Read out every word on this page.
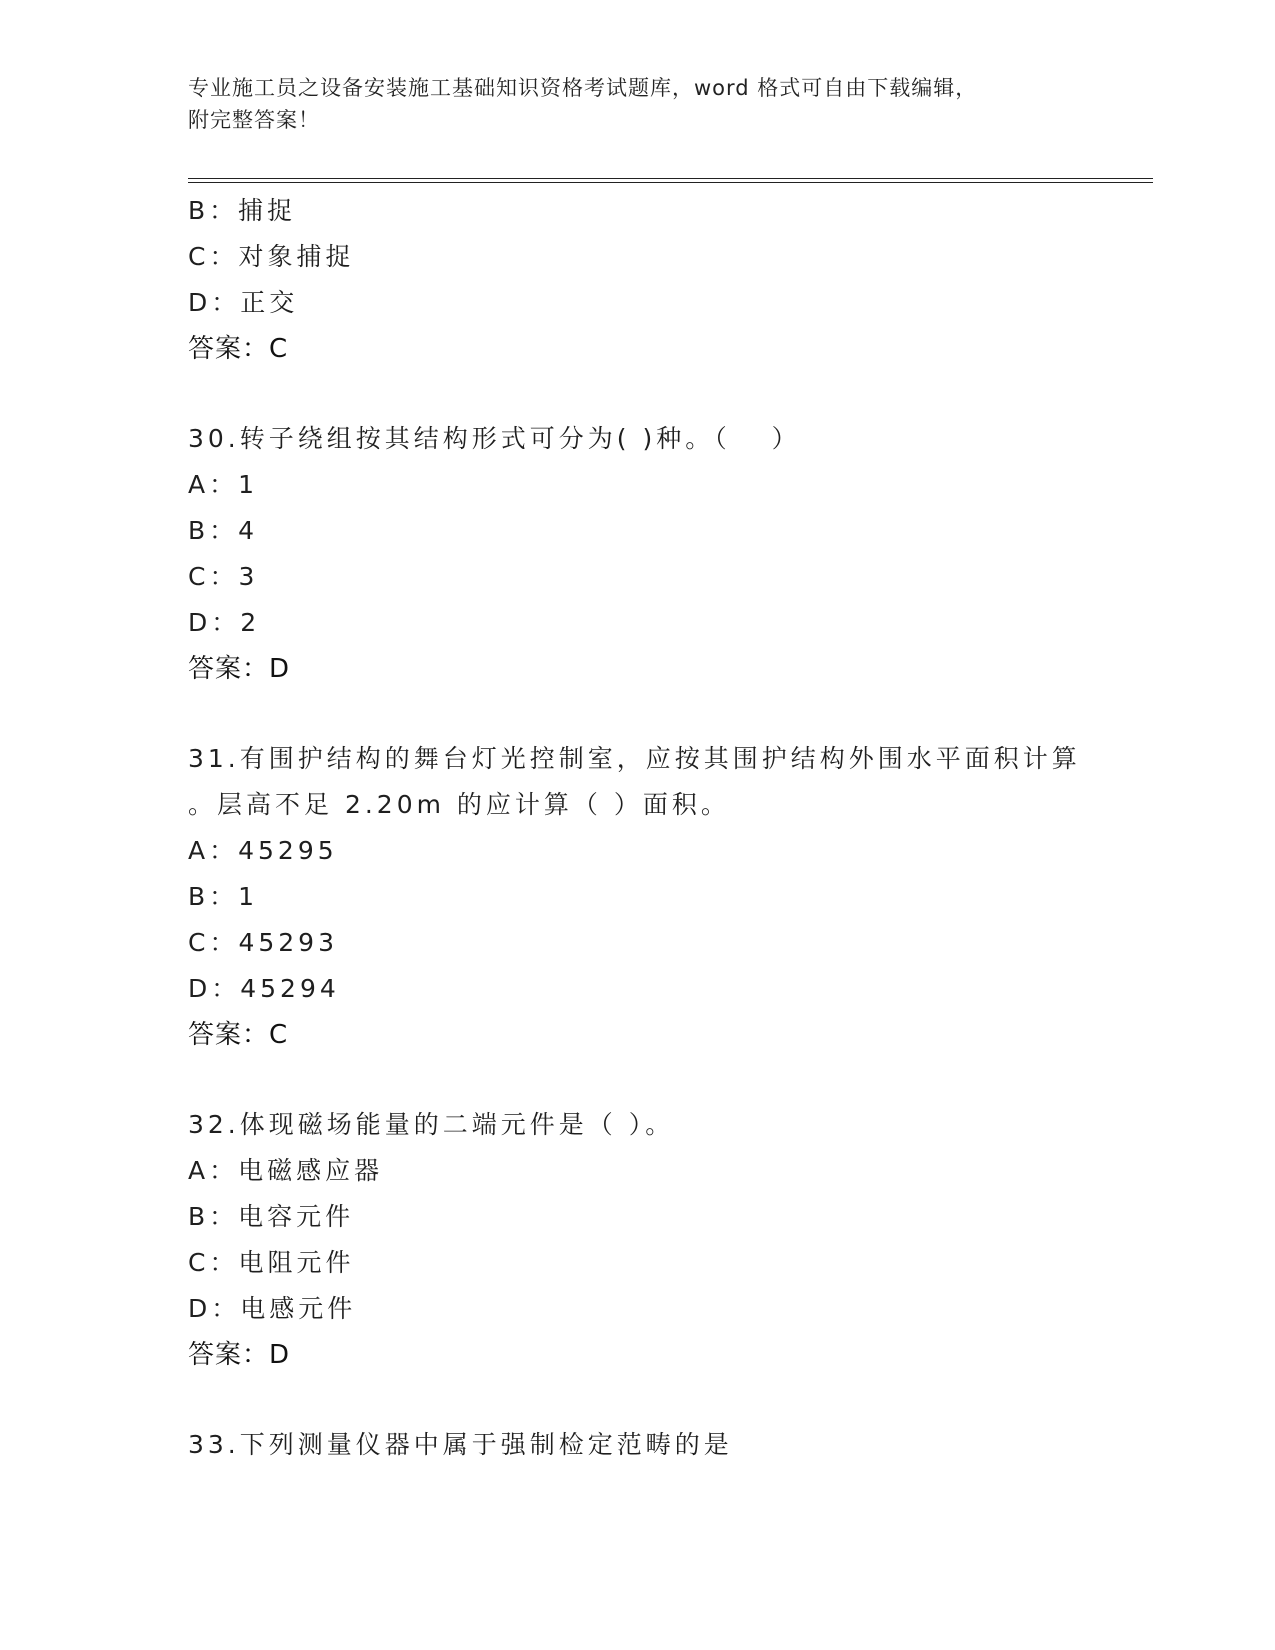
专业施工员之设备安装施工基础知识资格考试题库，word 格式可自由下载编辑，
附完整答案！
B：捕捉
C：对象捕捉
D：正交
答案：C
30.转子绕组按其结构形式可分为( )种。（　 ）
A：1
B：4
C：3
D：2
答案：D
31.有围护结构的舞台灯光控制室，应按其围护结构外围水平面积计算
。层高不足 2.20m 的应计算（ ）面积。
A：45295
B：1
C：45293
D：45294
答案：C
32.体现磁场能量的二端元件是（ ）。
A：电磁感应器
B：电容元件
C：电阻元件
D：电感元件
答案：D
33.下列测量仪器中属于强制检定范畴的是
